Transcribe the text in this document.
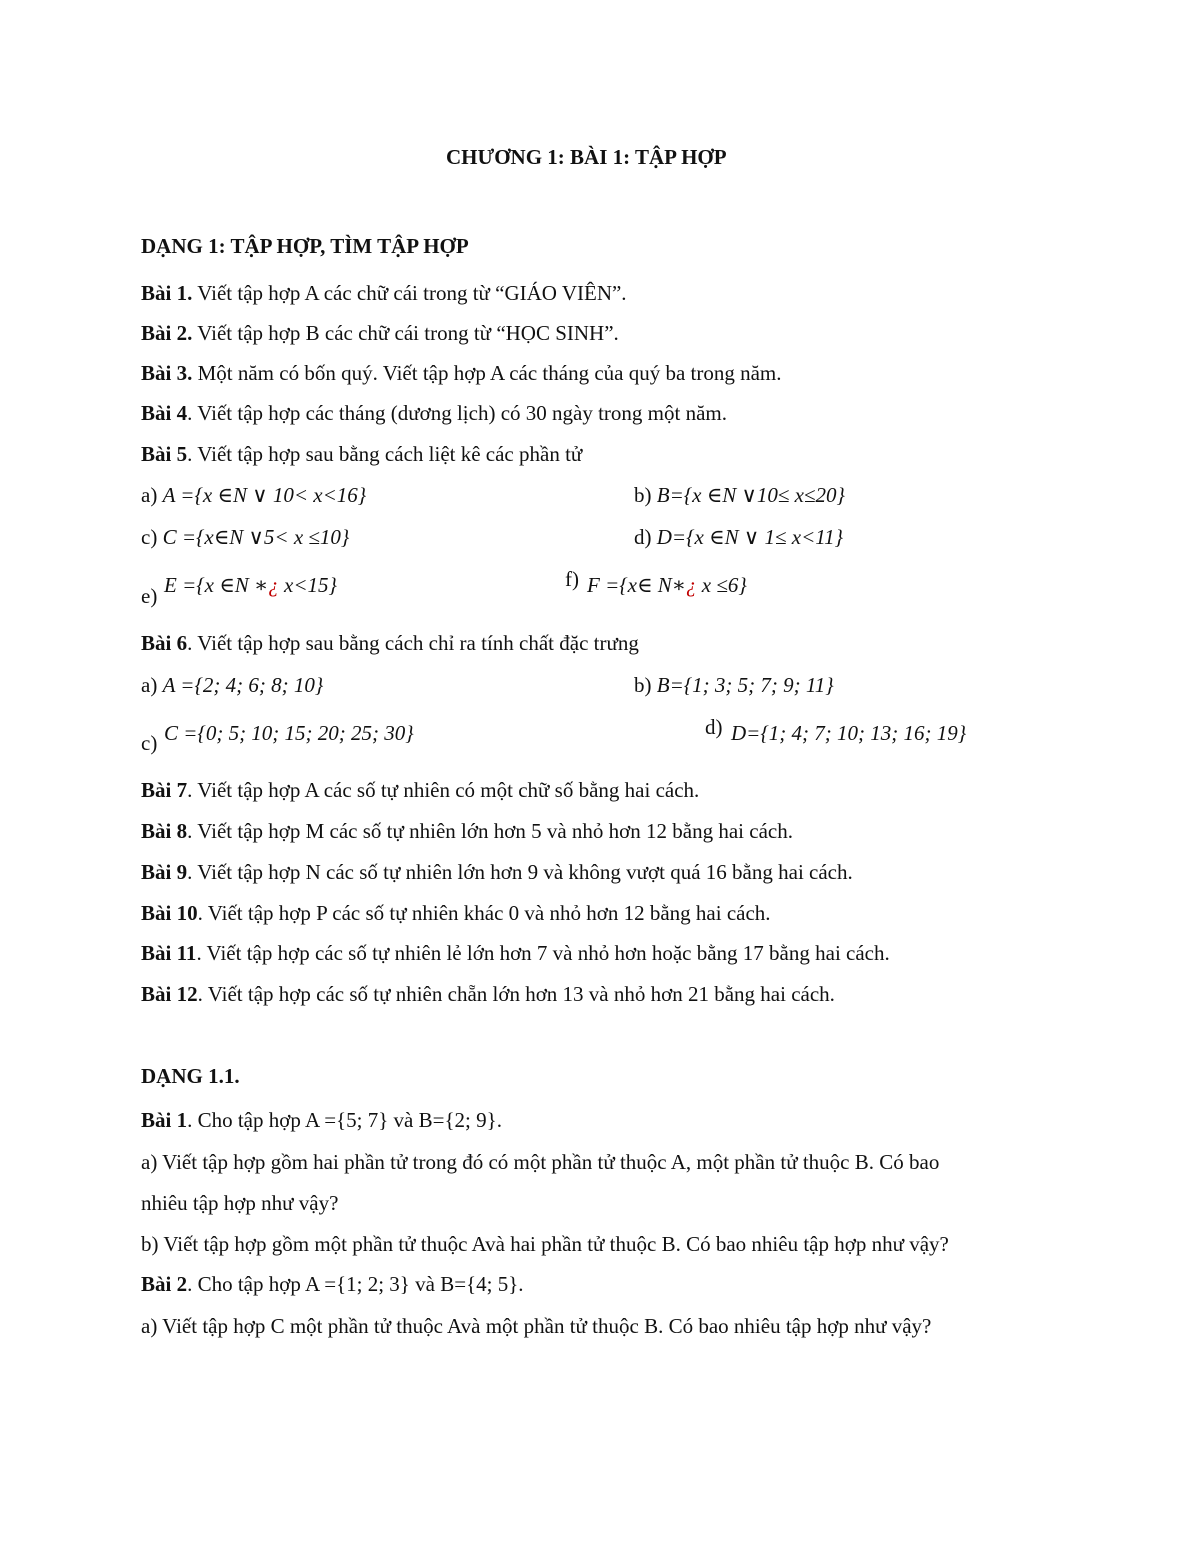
CHƯƠNG 1: BÀI 1: TẬP HỢP
DẠNG 1: TẬP HỢP, TÌM TẬP HỢP
Bài 1. Viết tập hợp A các chữ cái trong từ “GIÁO VIÊN”.
Bài 2. Viết tập hợp B các chữ cái trong từ “HỌC SINH”.
Bài 3. Một năm có bốn quý. Viết tập hợp A các tháng của quý ba trong năm.
Bài 4. Viết tập hợp các tháng (dương lịch) có 30 ngày trong một năm.
Bài 5. Viết tập hợp sau bằng cách liệt kê các phần tử
a) A ={x ∈N ∨ 10< x<16}	b) B={x ∈N ∨10≤ x≤20}
c) C ={x∈N ∨5< x ≤10}	d) D={x ∈N ∨ 1≤ x<11}
e) E ={x ∈N ∗¿ x<15}	f) F ={x∈ N∗¿ x ≤6}
Bài 6. Viết tập hợp sau bằng cách chỉ ra tính chất đặc trưng
a) A ={2; 4; 6; 8; 10}	b) B={1; 3; 5; 7; 9; 11}
c) C ={0; 5; 10; 15; 20; 25; 30}	d) D={1; 4; 7; 10; 13; 16; 19}
Bài 7. Viết tập hợp A các số tự nhiên có một chữ số bằng hai cách.
Bài 8. Viết tập hợp M các số tự nhiên lớn hơn 5 và nhỏ hơn 12 bằng hai cách.
Bài 9. Viết tập hợp N các số tự nhiên lớn hơn 9 và không vượt quá 16 bằng hai cách.
Bài 10. Viết tập hợp P các số tự nhiên khác 0 và nhỏ hơn 12 bằng hai cách.
Bài 11. Viết tập hợp các số tự nhiên lẻ lớn hơn 7 và nhỏ hơn hoặc bằng 17 bằng hai cách.
Bài 12. Viết tập hợp các số tự nhiên chẵn lớn hơn 13 và nhỏ hơn 21 bằng hai cách.
DẠNG 1.1.
Bài 1. Cho tập hợp A ={5; 7} và B={2; 9}.
a) Viết tập hợp gồm hai phần tử trong đó có một phần tử thuộc A, một phần tử thuộc B. Có bao
nhiêu tập hợp như vậy?
b) Viết tập hợp gồm một phần tử thuộc Avà hai phần tử thuộc B. Có bao nhiêu tập hợp như vậy?
Bài 2. Cho tập hợp A ={1; 2; 3} và B={4; 5}.
a) Viết tập hợp C một phần tử thuộc Avà một phần tử thuộc B. Có bao nhiêu tập hợp như vậy?
